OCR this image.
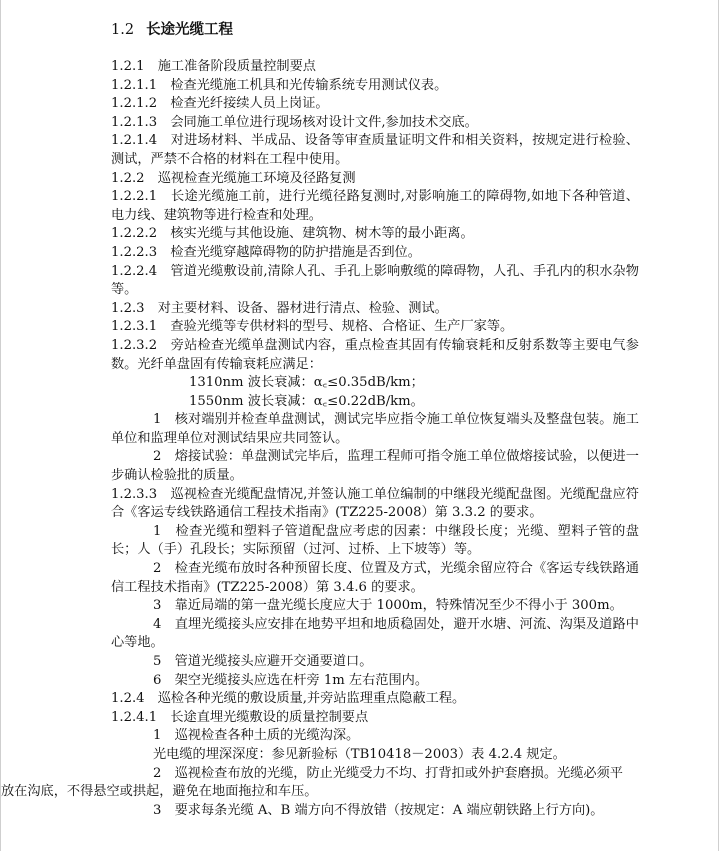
1.2 长途光缆工程

1.2.1　施工准备阶段质量控制要点

1.2.1.1　检查光缆施工机具和光传输系统专用测试仪表。

1.2.1.2　检查光纤接续人员上岗证。

1.2.1.3　会同施工单位进行现场核对设计文件,参加技术交底。

1.2.1.4　对进场材料、半成品、设备等审查质量证明文件和相关资料，按规定进行检验、测试，严禁不合格的材料在工程中使用。

1.2.2　巡视检查光缆施工环境及径路复测

1.2.2.1　长途光缆施工前，进行光缆径路复测时,对影响施工的障碍物,如地下各种管道、电力线、建筑物等进行检查和处理。

1.2.2.2　核实光缆与其他设施、建筑物、树木等的最小距离。

1.2.2.3　检查光缆穿越障碍物的防护措施是否到位。

1.2.2.4　管道光缆敷设前,清除人孔、手孔上影响敷缆的障碍物，人孔、手孔内的积水杂物等。

1.2.3　对主要材料、设备、器材进行清点、检验、测试。

1.2.3.1　查验光缆等专供材料的型号、规格、合格证、生产厂家等。

1.2.3.2　旁站检查光缆单盘测试内容，重点检查其固有传输衰耗和反射系数等主要电气参数。光纤单盘固有传输衰耗应满足：

1310nm 波长衰减：α꜀≤0.35dB/km；

1550nm 波长衰减：α꜀≤0.22dB/km。

1　核对端别并检查单盘测试，测试完毕应指令施工单位恢复端头及整盘包装。施工单位和监理单位对测试结果应共同签认。

2　熔接试验：单盘测试完毕后，监理工程师可指令施工单位做熔接试验，以便进一步确认检验批的质量。

1.2.3.3　巡视检查光缆配盘情况,并签认施工单位编制的中继段光缆配盘图。光缆配盘应符合《客运专线铁路通信工程技术指南》(TZ225-2008）第 3.3.2 的要求。

1　检查光缆和塑料子管道配盘应考虑的因素：中继段长度；光缆、塑料子管的盘长；人（手）孔段长；实际预留（过河、过桥、上下坡等）等。

2　检查光缆布放时各种预留长度、位置及方式，光缆余留应符合《客运专线铁路通信工程技术指南》(TZ225-2008）第 3.4.6 的要求。

3　靠近局端的第一盘光缆长度应大于 1000m，特殊情况至少不得小于 300m。

4　直埋光缆接头应安排在地势平坦和地质稳固处，避开水塘、河流、沟渠及道路中心等地。

5　管道光缆接头应避开交通要道口。

6　架空光缆接头应选在杆旁 1m 左右范围内。

1.2.4　巡检各种光缆的敷设质量,并旁站监理重点隐蔽工程。

1.2.4.1　长途直埋光缆敷设的质量控制要点

1　巡视检查各种土质的光缆沟深。

光电缆的埋深深度：参见新验标（TB10418－2003）表 4.2.4 规定。

2　巡视检查布放的光缆，防止光缆受力不均、打背扣或外护套磨损。光缆必须平

放在沟底，不得悬空或拱起，避免在地面拖拉和车压。

3　要求每条光缆 A、B 端方向不得放错（按规定：A 端应朝铁路上行方向)。
